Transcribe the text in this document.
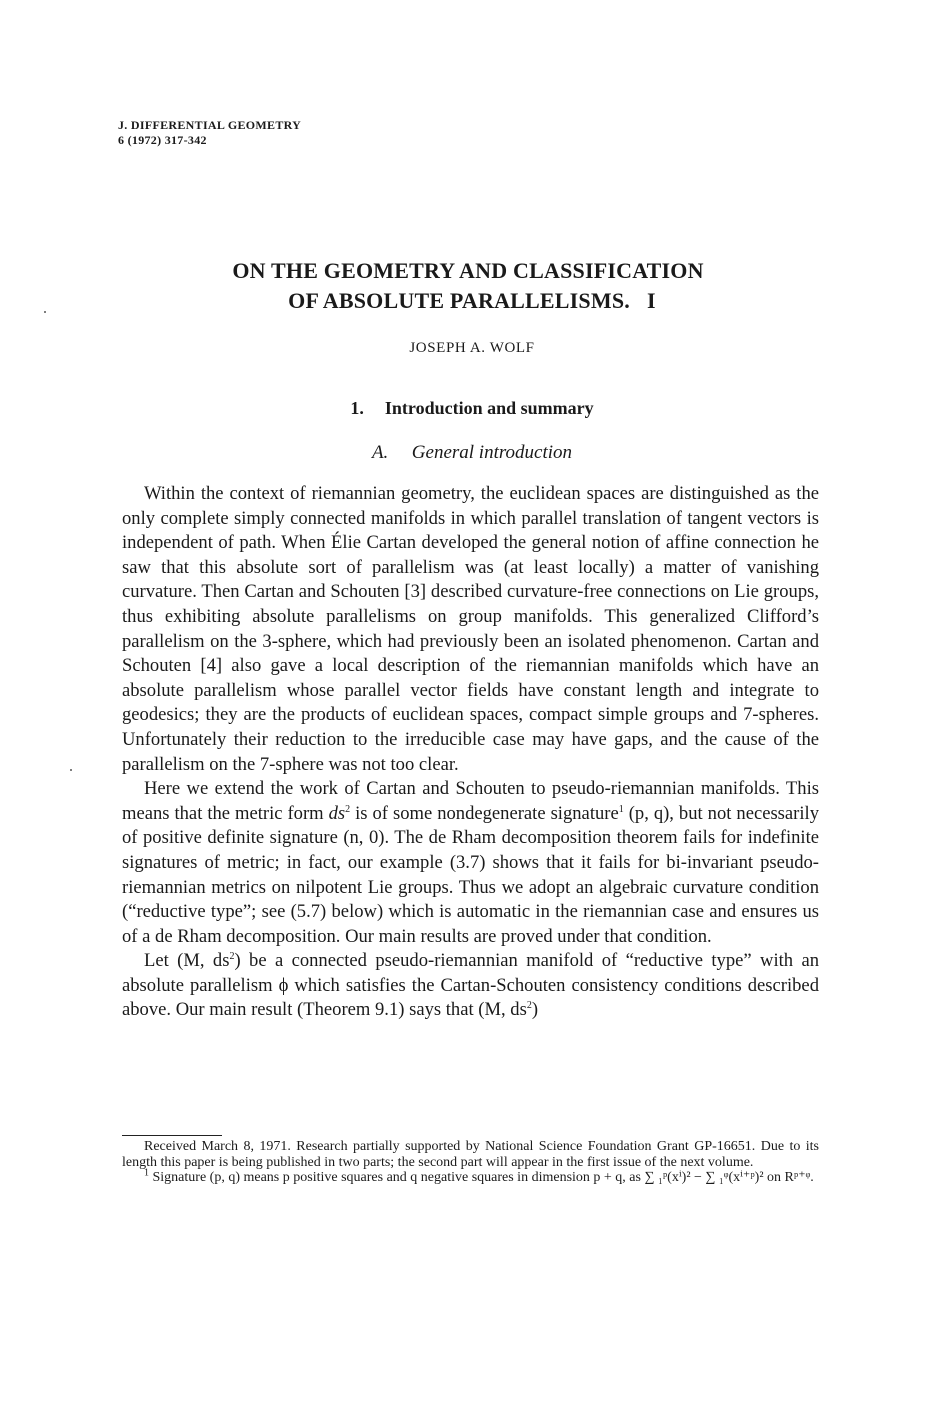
J. DIFFERENTIAL GEOMETRY
6 (1972) 317-342
ON THE GEOMETRY AND CLASSIFICATION
OF ABSOLUTE PARALLELISMS.   I
JOSEPH A. WOLF
1. Introduction and summary
A. General introduction

Within the context of riemannian geometry, the euclidean spaces are distinguished as the only complete simply connected manifolds in which parallel translation of tangent vectors is independent of path. When Élie Cartan developed the general notion of affine connection he saw that this absolute sort of parallelism was (at least locally) a matter of vanishing curvature. Then Cartan and Schouten [3] described curvature-free connections on Lie groups, thus exhibiting absolute parallelisms on group manifolds. This generalized Clifford’s parallelism on the 3-sphere, which had previously been an isolated phenomenon. Cartan and Schouten [4] also gave a local description of the riemannian manifolds which have an absolute parallelism whose parallel vector fields have constant length and integrate to geodesics; they are the products of euclidean spaces, compact simple groups and 7-spheres. Unfortunately their reduction to the irreducible case may have gaps, and the cause of the parallelism on the 7-sphere was not too clear.

Here we extend the work of Cartan and Schouten to pseudo-riemannian manifolds. This means that the metric form $ds^2$ is of some nondegenerate signature$^1$ (p, q), but not necessarily of positive definite signature (n, 0). The de Rham decomposition theorem fails for indefinite signatures of metric; in fact, our example (3.7) shows that it fails for bi-invariant pseudo-riemannian metrics on nilpotent Lie groups. Thus we adopt an algebraic curvature condition (“reductive type”; see (5.7) below) which is automatic in the riemannian case and ensures us of a de Rham decomposition. Our main results are proved under that condition.

Let (M, $ds^2$) be a connected pseudo-riemannian manifold of “reductive type” with an absolute parallelism ϕ which satisfies the Cartan-Schouten consistency conditions described above. Our main result (Theorem 9.1) says that (M, $ds^2$)

Received March 8, 1971. Research partially supported by National Science Foundation Grant GP-16651. Due to its length this paper is being published in two parts; the second part will appear in the first issue of the next volume.

$^1$ Signature (p, q) means p positive squares and q negative squares in dimension p + q, as ∑ ₁ᵖ(xⁱ)² − ∑ ₁ᵠ(xⁱ⁺ᵖ)² on Rᵖ⁺ᵠ.
